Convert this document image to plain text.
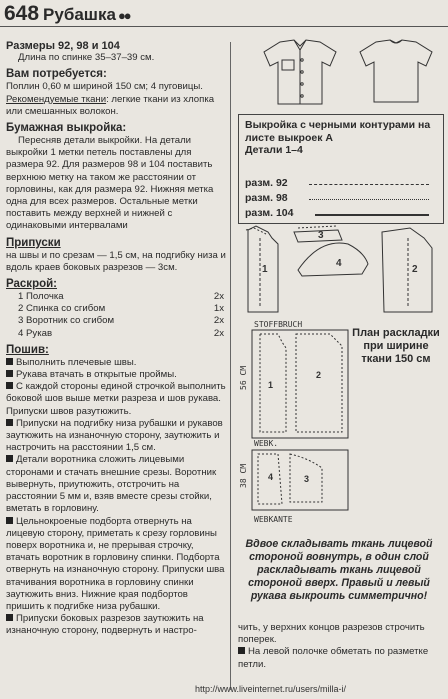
648 Рубашка ●●

Размеры 92, 98 и 104

Длина по спинке 35–37–39 см.

Вам потребуется:

Поплин 0,60 м шириной 150 см; 4 пуговицы.

Рекомендуемые ткани: легкие ткани из хлопка или смешанных волокон.

Бумажная выкройка:

Пересняв детали выкройки. На детали выкройки 1 метки петель поставлены для размера 92. Для размеров 98 и 104 поставить верхнюю метку на таком же расстоянии от горловины, как для размера 92. Нижняя метка одна для всех размеров. Остальные метки поставить между верхней и нижней с одинаковыми интервалами

Припуски

на швы и по срезам — 1,5 см, на подгибку низа и вдоль краев боковых разрезов — 3см.

Раскрой:

1 Полочка	2x
2 Спинка со сгибом	1x
3 Воротник со сгибом	2x
4 Рукав	2x

Пошив:

Выполнить плечевые швы.

Рукава втачать в открытые проймы.

С каждой стороны единой строчкой выполнить боковой шов выше метки разреза и шов рукава. Припуски швов разутюжить.

Припуски на подгибку низа рубашки и рукавов заутюжить на изнаночную сторону, заутюжить и настрочить на расстоянии 1,5 см.

Детали воротника сложить лицевыми сторонами и стачать внешние срезы. Воротник вывернуть, приутюжить, отстрочить на расстоянии 5 мм и, взяв вместе срезы стойки, вметать в горловину.

Цельнокроеные подборта отвернуть на лицевую сторону, приметать к срезу горловины поверх воротника и, не прерывая строчку, втачать воротник в горловину спинки. Подборта отвернуть на изнаночную сторону. Припуски шва втачивания воротника в горловину спинки заутюжить вниз. Нижние края подбортов пришить к подгибке низа рубашки.

Припуски боковых разрезов заутюжить на изнаночную сторону, подвернуть и настро-

Выкройка с черными контурами на листе выкроек А
Детали 1–4
разм. 92
разм. 98
разм. 104
1
3
4
2
STOFFBRUCH
1
2
4	3
WEBK.
WEBKANTE
56 CM
38 CM
План раскладки при ширине ткани 150 см
Вдвое складывать ткань лицевой стороной вовнутрь, в один слой раскладывать ткань лицевой стороной вверх. Правый и левый рукава выкроить симметрично!
чить, у верхних концов разрезов строчить поперек.
На левой полочке обметать по разметке петли.
http://www.liveinternet.ru/users/milla-i/
